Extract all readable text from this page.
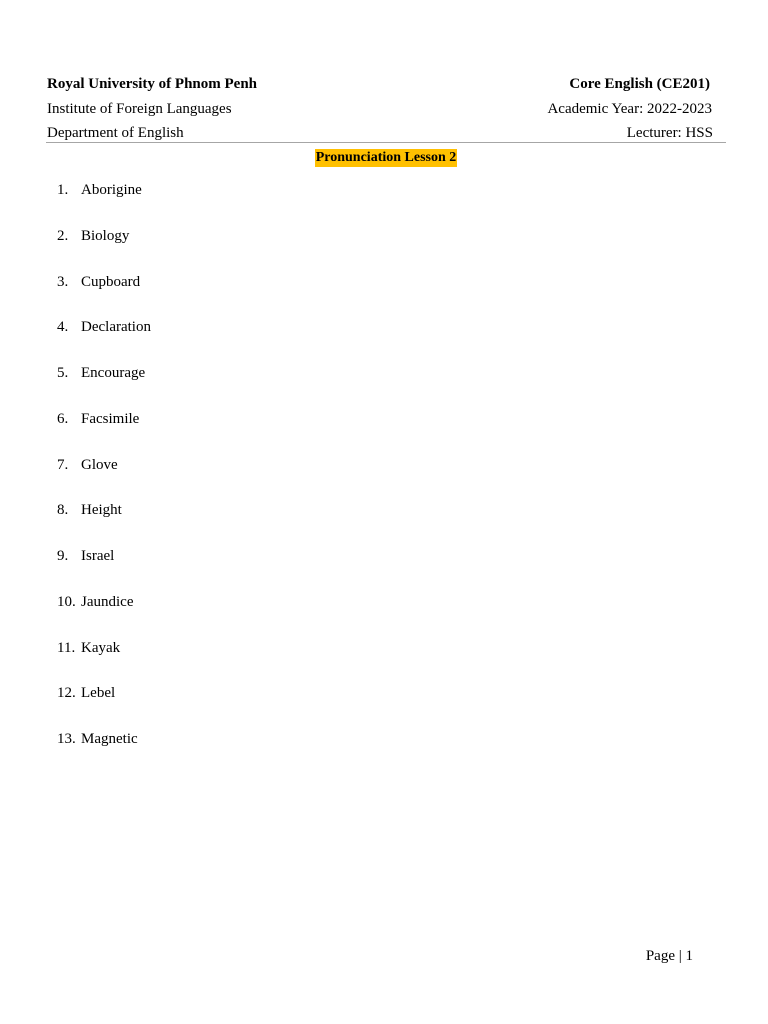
Royal University of Phnom Penh	Core English (CE201)
Institute of Foreign Languages	Academic Year: 2022-2023
Department of English	Lecturer: HSS
Pronunciation Lesson 2
1. Aborigine
2. Biology
3. Cupboard
4. Declaration
5. Encourage
6. Facsimile
7. Glove
8. Height
9. Israel
10. Jaundice
11. Kayak
12. Lebel
13. Magnetic
Page | 1
